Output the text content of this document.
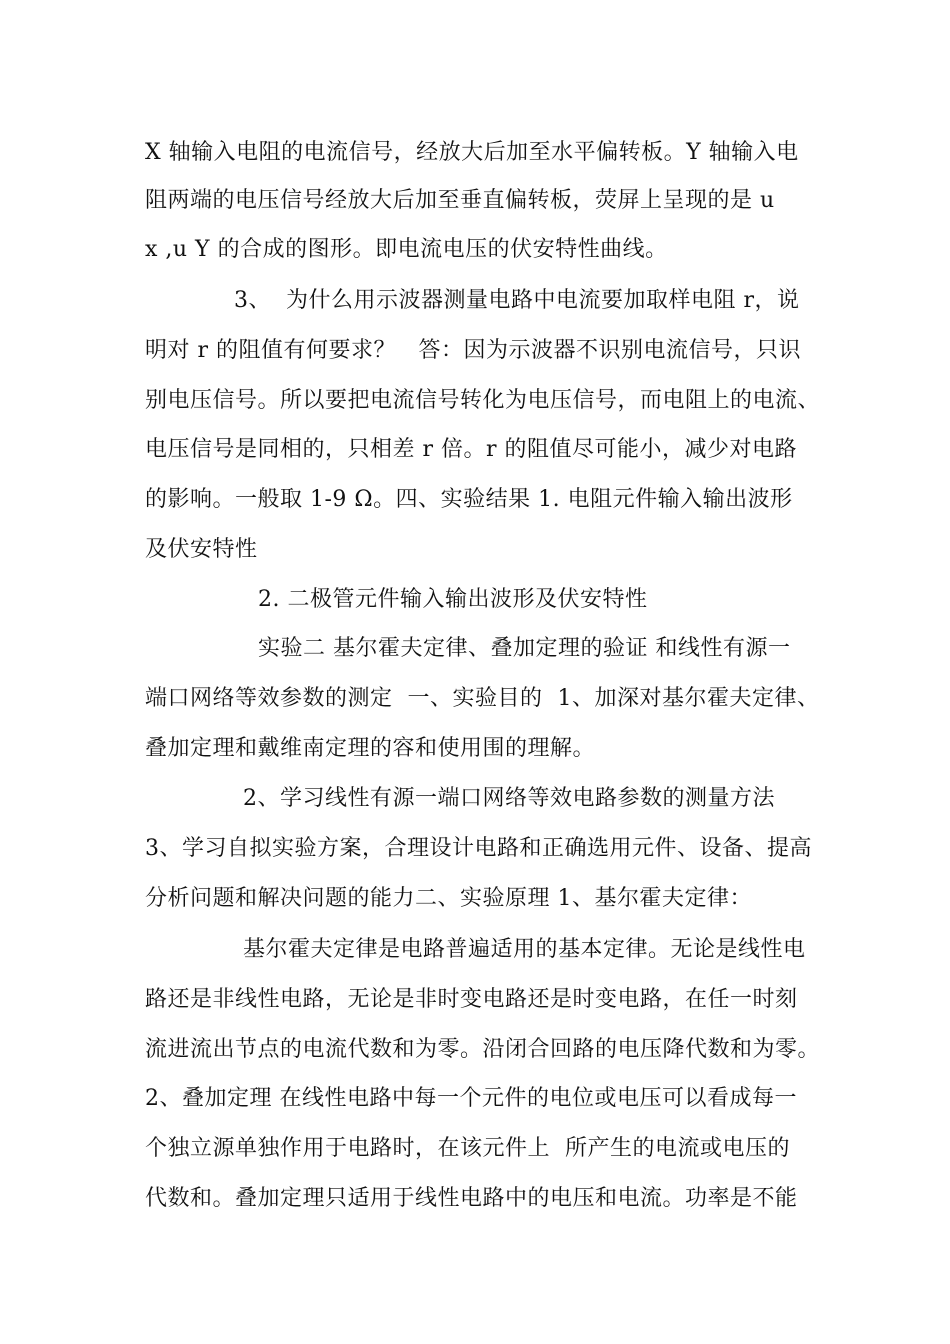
X 轴输入电阻的电流信号，经放大后加至水平偏转板。Y 轴输入电
阻两端的电压信号经放大后加至垂直偏转板，荧屏上呈现的是 u
x ,u Y 的合成的图形。即电流电压的伏安特性曲线。
3、  为什么用示波器测量电路中电流要加取样电阻 r，说
明对 r 的阻值有何要求？   答：因为示波器不识别电流信号，只识
别电压信号。所以要把电流信号转化为电压信号，而电阻上的电流、
电压信号是同相的，只相差 r 倍。r 的阻值尽可能小，减少对电路
的影响。一般取 1-9 Ω。四、实验结果 1. 电阻元件输入输出波形
及伏安特性
2. 二极管元件输入输出波形及伏安特性
实验二 基尔霍夫定律、叠加定理的验证 和线性有源一
端口网络等效参数的测定  一、实验目的  1、加深对基尔霍夫定律、
叠加定理和戴维南定理的容和使用围的理解。
2、学习线性有源一端口网络等效电路参数的测量方法
3、学习自拟实验方案，合理设计电路和正确选用元件、设备、提高
分析问题和解决问题的能力二、实验原理 1、基尔霍夫定律：
基尔霍夫定律是电路普遍适用的基本定律。无论是线性电
路还是非线性电路，无论是非时变电路还是时变电路，在任一时刻
流进流出节点的电流代数和为零。沿闭合回路的电压降代数和为零。
2、叠加定理 在线性电路中每一个元件的电位或电压可以看成每一
个独立源单独作用于电路时，在该元件上  所产生的电流或电压的
代数和。叠加定理只适用于线性电路中的电压和电流。功率是不能
